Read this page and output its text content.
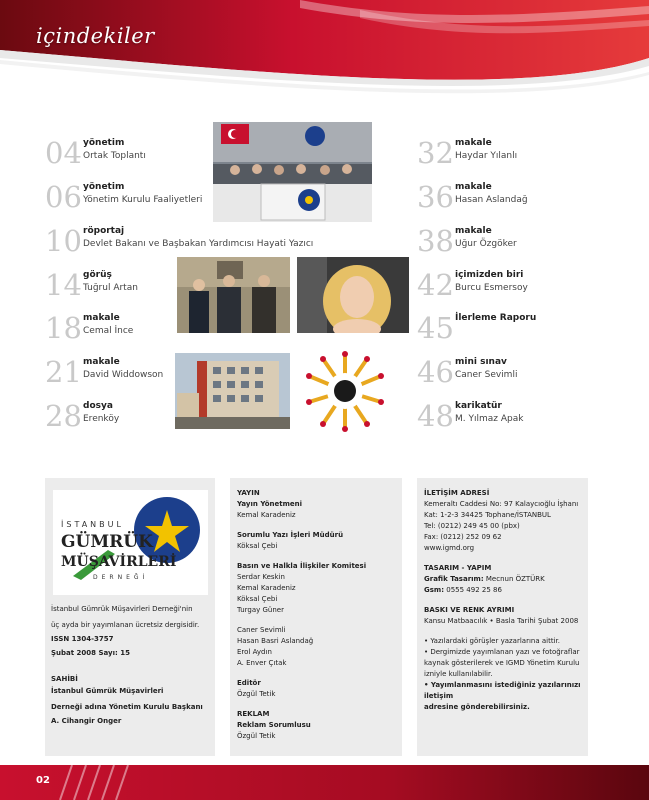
içindekiler
04 yönetim
Ortak Toplantı
06 yönetim
Yönetim Kurulu Faaliyetleri
10 röportaj
Devlet Bakanı ve Başbakan Yardımcısı Hayati Yazıcı
14 görüş
Tuğrul Artan
18 makale
Cemal İnce
21 makale
David Widdowson
28 dosya
Erenköy
32 makale
Haydar Yılanlı
36 makale
Hasan Aslandağ
38 makale
Uğur Özgöker
42 içimizden biri
Burcu Esmersoy
45 İlerleme Raporu
46 mini sınav
Caner Sevimli
48 karikatür
M. Yılmaz Apak
İSTANBUL
GÜMRÜK
MÜŞAVİRLERİ
DERNEĞİ
İstanbul Gümrük Müşavirleri Derneği'nin
üç ayda bir yayımlanan ücretsiz dergisidir.
ISSN 1304-3757
Şubat 2008 Sayı: 15
SAHİBİ
İstanbul Gümrük Müşavirleri
Derneği adına Yönetim Kurulu Başkanı
A. Cihangir Onger
YAYIN
Yayın Yönetmeni
Kemal Karadeniz
Sorumlu Yazı İşleri Müdürü
Köksal Çebi
Basın ve Halkla İlişkiler Komitesi
Serdar Keskin
Kemal Karadeniz
Köksal Çebi
Turgay Güner
Caner Sevimli
Hasan Basri Aslandağ
Erol Aydın
A. Enver Çıtak
Editör
Özgül Tetik
REKLAM
Reklam Sorumlusu
Özgül Tetik
İLETİŞİM ADRESİ
Kemeraltı Caddesi No: 97 Kalaycıoğlu İşhanı
Kat: 1-2-3 34425 Tophane/İSTANBUL
Tel: (0212) 249 45 00 (pbx)
Fax: (0212) 252 09 62
www.igmd.org
TASARIM - YAPIM
Grafik Tasarım: Mecnun ÖZTÜRK
Gsm: 0555 492 25 86
BASKI VE RENK AYRIMI
Kansu Matbaacılık • Basla Tarihi Şubat 2008
• Yazılardaki görüşler yazarlarına aittir.
• Dergimizde yayımlanan yazı ve fotoğraflar
kaynak gösterilerek ve IGMD Yönetim Kurulu
izniyle kullanılabilir.
• Yayımlanmasını istediğiniz yazılarınızı
iletişim
adresine gönderebilirsiniz.
02
